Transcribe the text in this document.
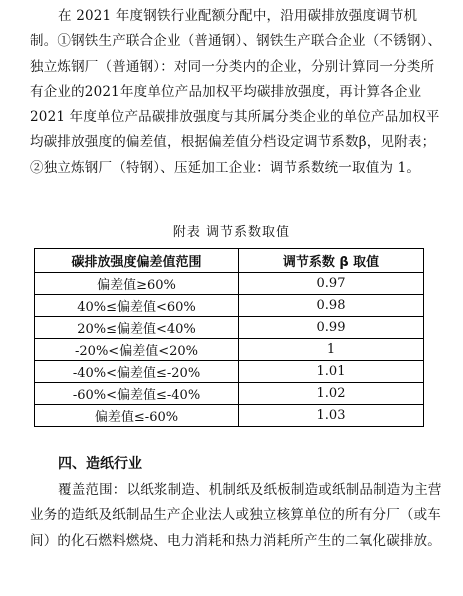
在 2021 年度钢铁行业配额分配中，沿用碳排放强度调节机制。①钢铁生产联合企业（普通钢）、钢铁生产联合企业（不锈钢）、独立炼钢厂（普通钢）：对同一分类内的企业，分别计算同一分类所有企业的2021年度单位产品加权平均碳排放强度，再计算各企业 2021 年度单位产品碳排放强度与其所属分类企业的单位产品加权平均碳排放强度的偏差值，根据偏差值分档设定调节系数β，见附表；②独立炼钢厂（特钢）、压延加工企业：调节系数统一取值为 1。

附表 调节系数取值
碳排放强度偏差值范围	调节系数 β 取值
偏差值≥60%	0.97
40%≤偏差值<60%	0.98
20%≤偏差值<40%	0.99
-20%<偏差值<20%	1
-40%<偏差值≤-20%	1.01
-60%<偏差值≤-40%	1.02
偏差值≤-60%	1.03
四、造纸行业

覆盖范围：以纸浆制造、机制纸及纸板制造或纸制品制造为主营业务的造纸及纸制品生产企业法人或独立核算单位的所有分厂（或车间）的化石燃料燃烧、电力消耗和热力消耗所产生的二氧化碳排放。
